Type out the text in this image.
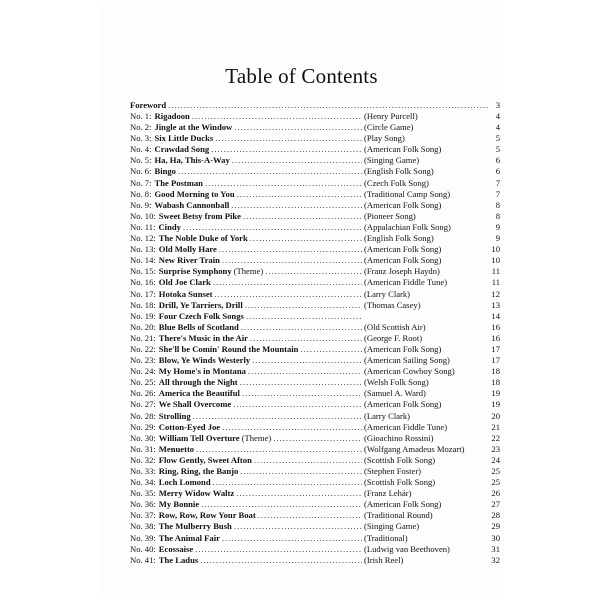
Table of Contents
Foreword .....	3
No. 1: Rigadoon .....	(Henry Purcell)	4
No. 2: Jingle at the Window .....	(Circle Game)	4
No. 3: Six Little Ducks .....	(Play Song)	5
No. 4: Crawdad Song .....	(American Folk Song)	5
No. 5: Ha, Ha, This-A-Way .....	(Singing Game)	6
No. 6: Bingo .....	(English Folk Song)	6
No. 7: The Postman .....	(Czech Folk Song)	7
No. 8: Good Morning to You .....	(Traditional Camp Song)	7
No. 9: Wabash Cannonball .....	(American Folk Song)	8
No. 10: Sweet Betsy from Pike .....	(Pioneer Song)	8
No. 11: Cindy .....	(Appalachian Folk Song)	9
No. 12: The Noble Duke of York .....	(English Folk Song)	9
No. 13: Old Molly Hare .....	(American Folk Song)	10
No. 14: New River Train .....	(American Folk Song)	10
No. 15: Surprise Symphony (Theme) .....	(Franz Joseph Haydn)	11
No. 16: Old Joe Clark .....	(American Fiddle Tune)	11
No. 17: Hotoka Sunset .....	(Larry Clark)	12
No. 18: Drill, Ye Tarriers, Drill .....	(Thomas Casey)	13
No. 19: Four Czech Folk Songs .....	14
No. 20: Blue Bells of Scotland .....	(Old Scottish Air)	16
No. 21: There's Music in the Air .....	(George F. Root)	16
No. 22: She'll be Comin' Round the Mountain .....	(American Folk Song)	17
No. 23: Blow, Ye Winds Westerly .....	(American Sailing Song)	17
No. 24: My Home's in Montana .....	(American Cowboy Song)	18
No. 25: All through the Night .....	(Welsh Folk Song)	18
No. 26: America the Beautiful .....	(Samuel A. Ward)	19
No. 27: We Shall Overcome .....	(American Folk Song)	19
No. 28: Strolling .....	(Larry Clark)	20
No. 29: Cotton-Eyed Joe .....	(American Fiddle Tune)	21
No. 30: William Tell Overture (Theme) .....	(Gioachino Rossini)	22
No. 31: Menuetto .....	(Wolfgang Amadeus Mozart)	23
No. 32: Flow Gently, Sweet Afton .....	(Scottish Folk Song)	24
No. 33: Ring, Ring, the Banjo .....	(Stephen Foster)	25
No. 34: Loch Lomond .....	(Scottish Folk Song)	25
No. 35: Merry Widow Waltz .....	(Franz Lehár)	26
No. 36: My Bonnie .....	(American Folk Song)	27
No. 37: Row, Row, Row Your Boat .....	(Traditional Round)	28
No. 38: The Mulberry Bush .....	(Singing Game)	29
No. 39: The Animal Fair .....	(Traditional)	30
No. 40: Ecossaise .....	(Ludwig van Beethoven)	31
No. 41: The Ladus .....	(Irish Reel)	32
